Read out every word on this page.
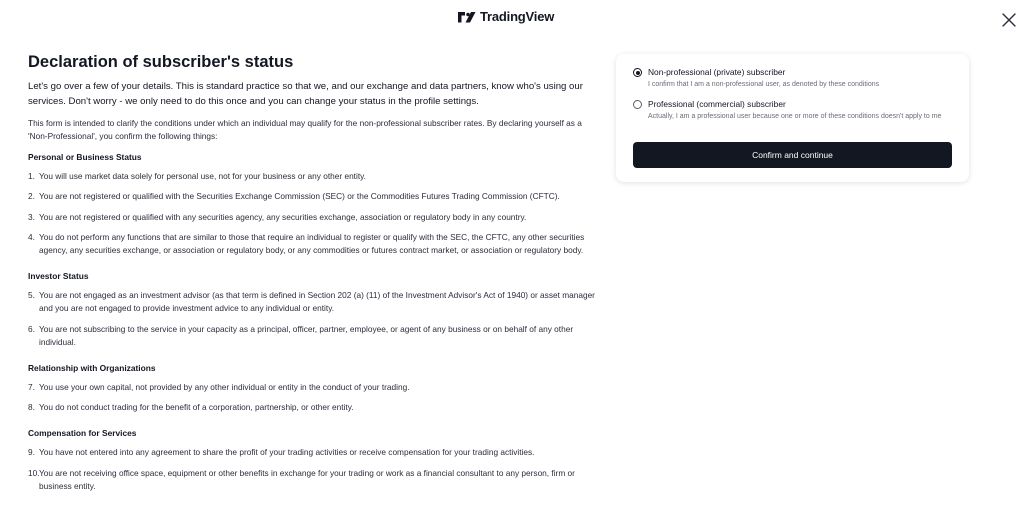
TradingView
Declaration of subscriber's status

Let's go over a few of your details. This is standard practice so that we, and our exchange and data partners, know who's using our services. Don't worry - we only need to do this once and you can change your status in the profile settings.

This form is intended to clarify the conditions under which an individual may qualify for the non-professional subscriber rates. By declaring yourself as a 'Non-Professional', you confirm the following things:

Personal or Business Status
1. You will use market data solely for personal use, not for your business or any other entity.
2. You are not registered or qualified with the Securities Exchange Commission (SEC) or the Commodities Futures Trading Commission (CFTC).
3. You are not registered or qualified with any securities agency, any securities exchange, association or regulatory body in any country.
4. You do not perform any functions that are similar to those that require an individual to register or qualify with the SEC, the CFTC, any other securities agency, any securities exchange, or association or regulatory body, or any commodities or futures contract market, or association or regulatory body.
Investor Status
5. You are not engaged as an investment advisor (as that term is defined in Section 202 (a) (11) of the Investment Advisor's Act of 1940) or asset manager and you are not engaged to provide investment advice to any individual or entity.
6. You are not subscribing to the service in your capacity as a principal, officer, partner, employee, or agent of any business or on behalf of any other individual.
Relationship with Organizations
7. You use your own capital, not provided by any other individual or entity in the conduct of your trading.
8. You do not conduct trading for the benefit of a corporation, partnership, or other entity.
Compensation for Services
9. You have not entered into any agreement to share the profit of your trading activities or receive compensation for your trading activities.
10. You are not receiving office space, equipment or other benefits in exchange for your trading or work as a financial consultant to any person, firm or business entity.
Non-professional (private) subscriber
I confirm that I am a non-professional user, as denoted by these conditions
Professional (commercial) subscriber
Actually, I am a professional user because one or more of these conditions doesn't apply to me
Confirm and continue
